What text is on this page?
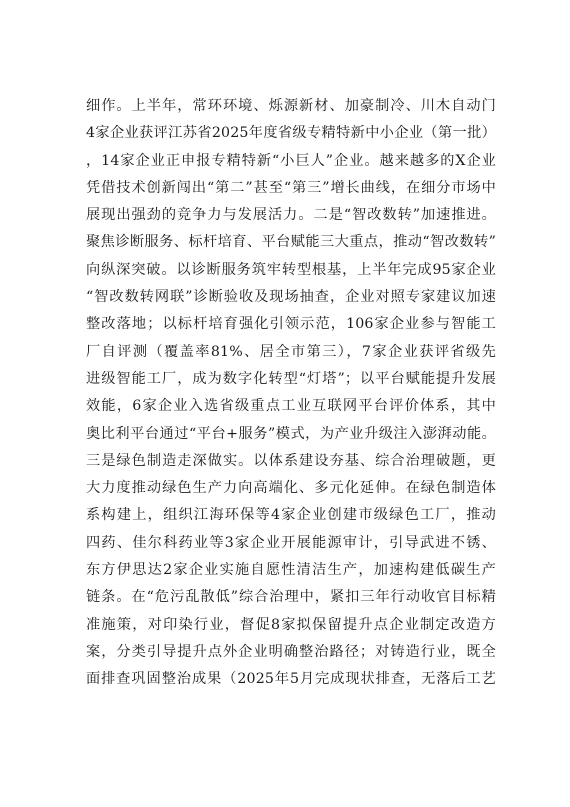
细作。上半年，常环环境、烁源新材、加豪制冷、川木自动门
4家企业获评江苏省2025年度省级专精特新中小企业（第一批）
，14家企业正申报专精特新“小巨人”企业。越来越多的X企业
凭借技术创新闯出“第二”甚至“第三”增长曲线，在细分市场中
展现出强劲的竞争力与发展活力。二是“智改数转”加速推进。
聚焦诊断服务、标杆培育、平台赋能三大重点，推动“智改数转”
向纵深突破。以诊断服务筑牢转型根基，上半年完成95家企业
“智改数转网联”诊断验收及现场抽查，企业对照专家建议加速
整改落地；以标杆培育强化引领示范，106家企业参与智能工
厂自评测（覆盖率81%、居全市第三），7家企业获评省级先
进级智能工厂，成为数字化转型“灯塔”；以平台赋能提升发展
效能，6家企业入选省级重点工业互联网平台评价体系，其中
奥比利平台通过“平台+服务”模式，为产业升级注入澎湃动能。
三是绿色制造走深做实。以体系建设夯基、综合治理破题，更
大力度推动绿色生产力向高端化、多元化延伸。在绿色制造体
系构建上，组织江海环保等4家企业创建市级绿色工厂，推动
四药、佳尔科药业等3家企业开展能源审计，引导武进不锈、
东方伊思达2家企业实施自愿性清洁生产，加速构建低碳生产
链条。在“危污乱散低”综合治理中，紧扣三年行动收官目标精
准施策，对印染行业，督促8家拟保留提升点企业制定改造方
案，分类引导提升点外企业明确整治路径；对铸造行业，既全
面排查巩固整治成果（2025年5月完成现状排查，无落后工艺
